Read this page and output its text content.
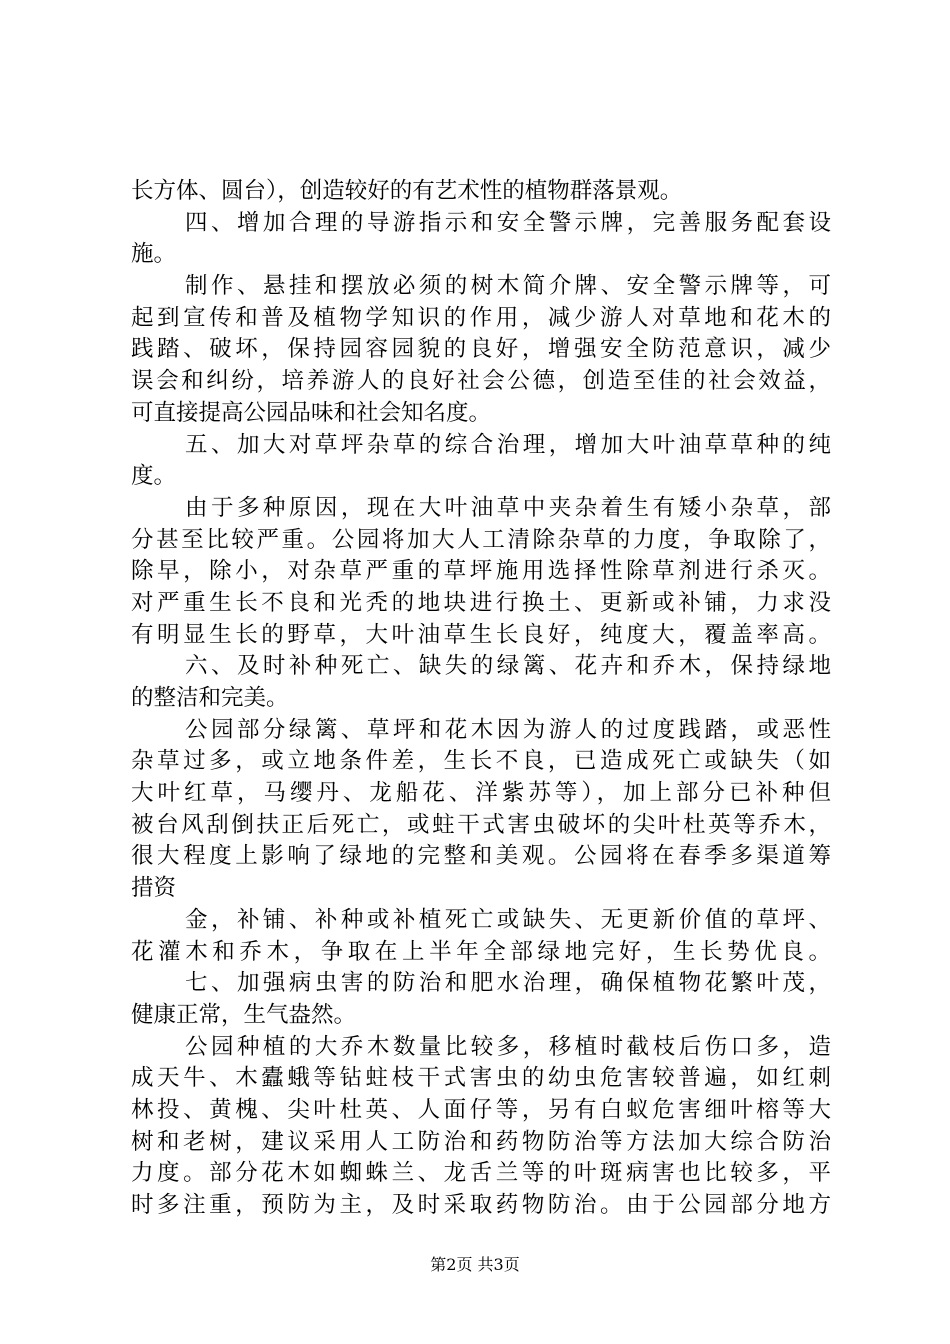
长方体、圆台），创造较好的有艺术性的植物群落景观。
四、增加合理的导游指示和安全警示牌，完善服务配套设
施。
制作、悬挂和摆放必须的树木简介牌、安全警示牌等，可
起到宣传和普及植物学知识的作用，减少游人对草地和花木的
践踏、破坏，保持园容园貌的良好，增强安全防范意识，减少
误会和纠纷，培养游人的良好社会公德，创造至佳的社会效益，
可直接提高公园品味和社会知名度。
五、加大对草坪杂草的综合治理，增加大叶油草草种的纯
度。
由于多种原因，现在大叶油草中夹杂着生有矮小杂草，部
分甚至比较严重。公园将加大人工清除杂草的力度，争取除了，
除早，除小，对杂草严重的草坪施用选择性除草剂进行杀灭。
对严重生长不良和光秃的地块进行换土、更新或补铺，力求没
有明显生长的野草，大叶油草生长良好，纯度大，覆盖率高。
六、及时补种死亡、缺失的绿篱、花卉和乔木，保持绿地
的整洁和完美。
公园部分绿篱、草坪和花木因为游人的过度践踏，或恶性
杂草过多，或立地条件差，生长不良，已造成死亡或缺失（如
大叶红草，马缨丹、龙船花、洋紫苏等），加上部分已补种但
被台风刮倒扶正后死亡，或蛀干式害虫破坏的尖叶杜英等乔木，
很大程度上影响了绿地的完整和美观。公园将在春季多渠道筹
措资
金，补铺、补种或补植死亡或缺失、无更新价值的草坪、
花灌木和乔木，争取在上半年全部绿地完好，生长势优良。
七、加强病虫害的防治和肥水治理，确保植物花繁叶茂，
健康正常，生气盎然。
公园种植的大乔木数量比较多，移植时截枝后伤口多，造
成天牛、木蠹蛾等钻蛀枝干式害虫的幼虫危害较普遍，如红刺
林投、黄槐、尖叶杜英、人面仔等，另有白蚁危害细叶榕等大
树和老树，建议采用人工防治和药物防治等方法加大综合防治
力度。部分花木如蜘蛛兰、龙舌兰等的叶斑病害也比较多，平
时多注重，预防为主，及时采取药物防治。由于公园部分地方
第2页 共3页
